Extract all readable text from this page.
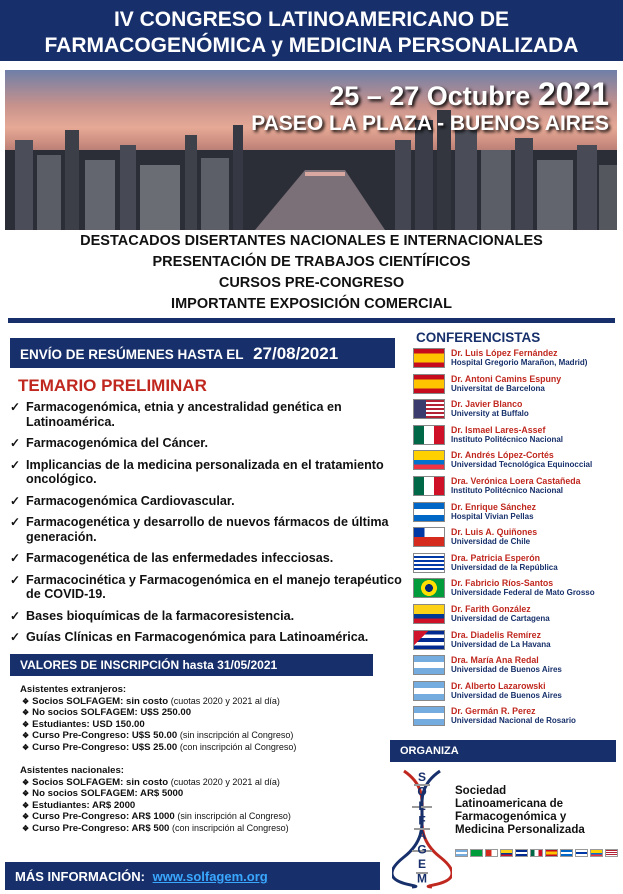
IV CONGRESO LATINOAMERICANO DE
FARMACOGENÓMICA y MEDICINA PERSONALIZADA
25 – 27 Octubre 2021
PASEO LA PLAZA - BUENOS AIRES
DESTACADOS DISERTANTES NACIONALES E INTERNACIONALES
PRESENTACIÓN DE TRABAJOS CIENTÍFICOS
CURSOS PRE-CONGRESO
IMPORTANTE EXPOSICIÓN COMERCIAL
ENVÍO DE RESÚMENES HASTA EL 27/08/2021
TEMARIO PRELIMINAR
✓ Farmacogenómica, etnia y ancestralidad genética en Latinoamérica.
✓ Farmacogenómica del Cáncer.
✓ Implicancias de la medicina personalizada en el tratamiento oncológico.
✓ Farmacogenómica Cardiovascular.
✓ Farmacogenética y desarrollo de nuevos fármacos de última generación.
✓ Farmacogenética de las enfermedades infecciosas.
✓ Farmacocinética y Farmacogenómica en el manejo terapéutico de COVID-19.
✓ Bases bioquímicas de la farmacoresistencia.
✓ Guías Clínicas en Farmacogenómica para Latinoamérica.
VALORES DE INSCRIPCIÓN hasta 31/05/2021
Asistentes extranjeros:
❖ Socios SOLFAGEM: sin costo (cuotas 2020 y 2021 al día)
❖ No socios SOLFAGEM: U$S 250.00
❖ Estudiantes: USD 150.00
❖ Curso Pre-Congreso: U$S 50.00 (sin inscripción al Congreso)
❖ Curso Pre-Congreso: U$S 25.00 (con inscripción al Congreso)
Asistentes nacionales:
❖ Socios SOLFAGEM: sin costo (cuotas 2020 y 2021 al día)
❖ No socios SOLFAGEM: AR$ 5000
❖ Estudiantes: AR$ 2000
❖ Curso Pre-Congreso: AR$ 1000 (sin inscripción al Congreso)
❖ Curso Pre-Congreso: AR$ 500 (con inscripción al Congreso)
MÁS INFORMACIÓN: www.solfagem.org
CONFERENCISTAS
Dr. Luis López Fernández
Hospital Gregorio Marañon, Madrid)
Dr. Antoni Camins Espuny
Universitat de Barcelona
Dr. Javier Blanco
University at Buffalo
Dr. Ismael Lares-Assef
Instituto Politécnico Nacional
Dr. Andrés López-Cortés
Universidad Tecnológica Equinoccial
Dra. Verónica Loera Castañeda
Instituto Politécnico Nacional
Dr. Enrique Sánchez
Hospital Vivian Pellas
Dr. Luis A. Quiñones
Universidad de Chile
Dra. Patricia Esperón
Universidad de la República
Dr. Fabricio Ríos-Santos
Universidade Federal de Mato Grosso
Dr. Farith González
Universidad de Cartagena
Dra. Diadelis Remírez
Universidad de La Havana
Dra. María Ana Redal
Universidad de Buenos Aires
Dr. Alberto Lazarowski
Universidad de Buenos Aires
Dr. Germán R. Perez
Universidad Nacional de Rosario
ORGANIZA
S
O
L
F
A
G
E
M
Sociedad
Latinoamericana de
Farmacogenómica y
Medicina Personalizada
